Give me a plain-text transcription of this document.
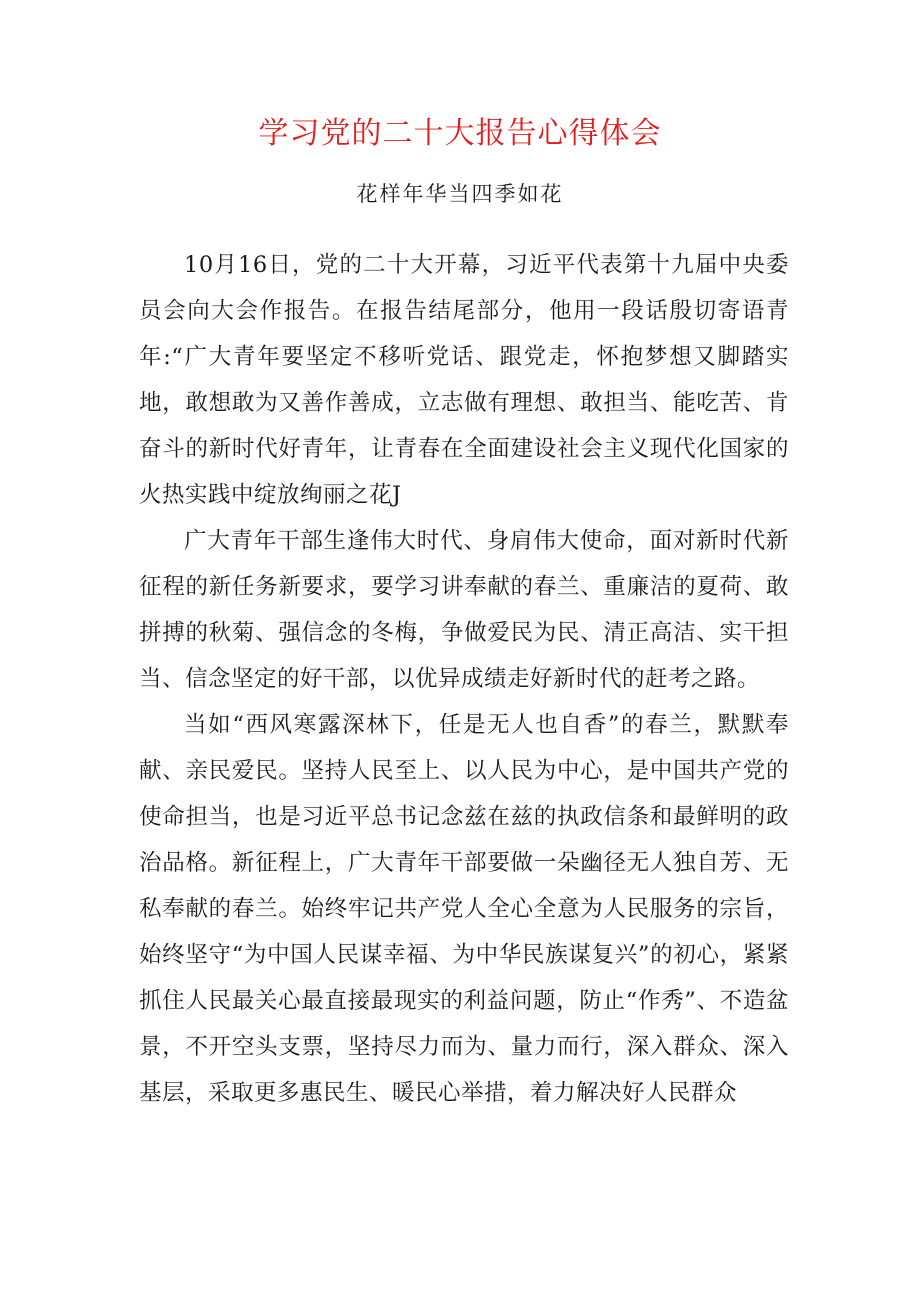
学习党的二十大报告心得体会

花样年华当四季如花

10月16日，党的二十大开幕，习近平代表第十九届中央委员会向大会作报告。在报告结尾部分，他用一段话殷切寄语青年:“广大青年要坚定不移听党话、跟党走，怀抱梦想又脚踏实地，敢想敢为又善作善成，立志做有理想、敢担当、能吃苦、肯奋斗的新时代好青年，让青春在全面建设社会主义现代化国家的火热实践中绽放绚丽之花J

广大青年干部生逢伟大时代、身肩伟大使命，面对新时代新征程的新任务新要求，要学习讲奉献的春兰、重廉洁的夏荷、敢拼搏的秋菊、强信念的冬梅，争做爱民为民、清正高洁、实干担当、信念坚定的好干部，以优异成绩走好新时代的赶考之路。

当如“西风寒露深林下，任是无人也自香”的春兰，默默奉献、亲民爱民。坚持人民至上、以人民为中心，是中国共产党的使命担当，也是习近平总书记念兹在兹的执政信条和最鲜明的政治品格。新征程上，广大青年干部要做一朵幽径无人独自芳、无私奉献的春兰。始终牢记共产党人全心全意为人民服务的宗旨，始终坚守“为中国人民谋幸福、为中华民族谋复兴”的初心，紧紧抓住人民最关心最直接最现实的利益问题，防止“作秀”、不造盆景，不开空头支票，坚持尽力而为、量力而行，深入群众、深入基层，采取更多惠民生、暖民心举措，着力解决好人民群众
